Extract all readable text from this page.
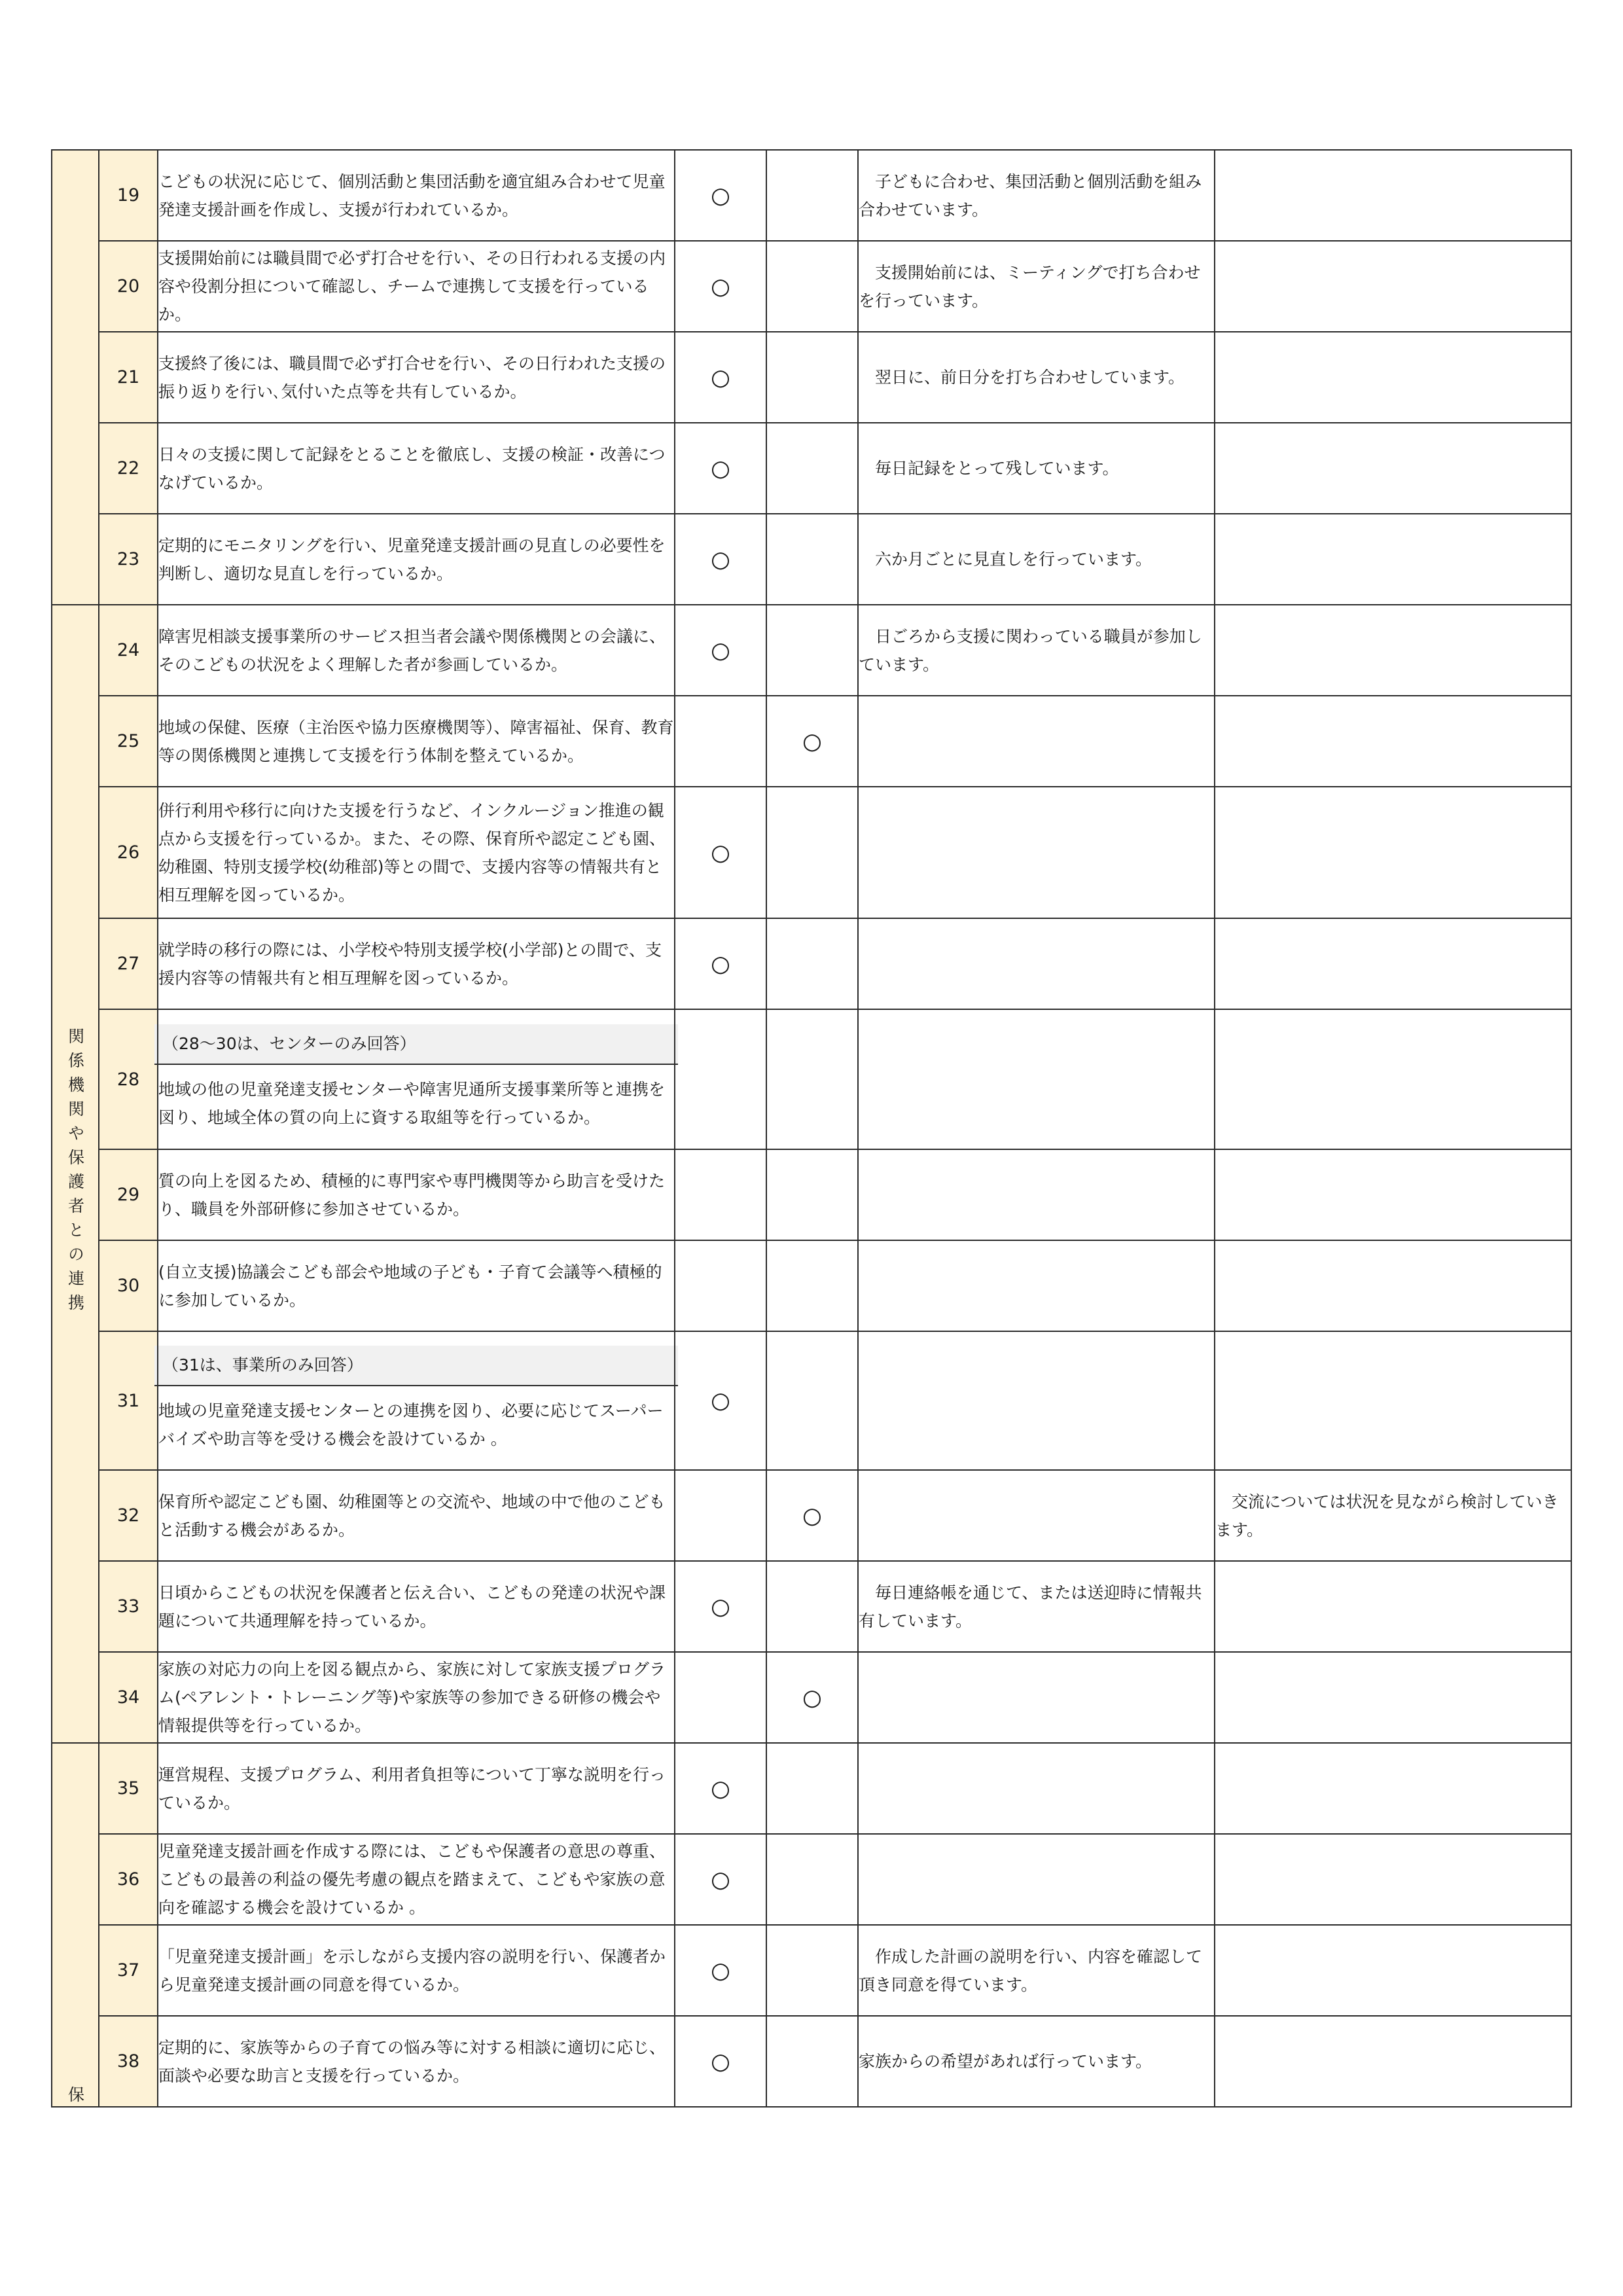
	19	こどもの状況に応じて、個別活動と集団活動を適宜組み合わせて児童発達支援計画を作成し、支援が行われているか。	○		　子どもに合わせ、集団活動と個別活動を組み合わせています。	
	20	支援開始前には職員間で必ず打合せを行い、その日行われる支援の内容や役割分担について確認し、チームで連携して支援を行っているか。	○		　支援開始前には、ミーティングで打ち合わせを行っています。	
	21	支援終了後には、職員間で必ず打合せを行い、その日行われた支援の振り返りを行い､気付いた点等を共有しているか。	○		　翌日に、前日分を打ち合わせしています。	
	22	日々の支援に関して記録をとることを徹底し、支援の検証・改善につなげているか。	○		　毎日記録をとって残しています。	
	23	定期的にモニタリングを行い、児童発達支援計画の見直しの必要性を判断し、適切な見直しを行っているか。	○		　六か月ごとに見直しを行っています。	
関係機関や保護者との連携	24	障害児相談支援事業所のサービス担当者会議や関係機関との会議に、そのこどもの状況をよく理解した者が参画しているか。	○		　日ごろから支援に関わっている職員が参加しています。	
	25	地域の保健、医療（主治医や協力医療機関等）、障害福祉、保育、教育等の関係機関と連携して支援を行う体制を整えているか。		○		
	26	併行利用や移行に向けた支援を行うなど、インクルージョン推進の観点から支援を行っているか。また、その際、保育所や認定こども園、幼稚園、特別支援学校(幼稚部)等との間で、支援内容等の情報共有と相互理解を図っているか。	○			
	27	就学時の移行の際には、小学校や特別支援学校(小学部)との間で、支援内容等の情報共有と相互理解を図っているか。	○			
	28	（28～30は、センターのみ回答）
地域の他の児童発達支援センターや障害児通所支援事業所等と連携を図り、地域全体の質の向上に資する取組等を行っているか。				

	29	質の向上を図るため、積極的に専門家や専門機関等から助言を受けたり、職員を外部研修に参加させているか。				

	30	(自立支援)協議会こども部会や地域の子ども・子育て会議等へ積極的に参加しているか。				

	31	（31は、事業所のみ回答）
地域の児童発達支援センターとの連携を図り、必要に応じてスーパーバイズや助言等を受ける機会を設けているか 。	○			
	32	保育所や認定こども園、幼稚園等との交流や、地域の中で他のこどもと活動する機会があるか。		○		　交流については状況を見ながら検討していきます。
	33	日頃からこどもの状況を保護者と伝え合い、こどもの発達の状況や課題について共通理解を持っているか。	○		　毎日連絡帳を通じて、または送迎時に情報共有しています。	
	34	家族の対応力の向上を図る観点から、家族に対して家族支援プログラム(ペアレント・トレーニング等)や家族等の参加できる研修の機会や情報提供等を行っているか。		○		
保	35	運営規程、支援プログラム、利用者負担等について丁寧な説明を行っているか。	○			
	36	児童発達支援計画を作成する際には、こどもや保護者の意思の尊重、こどもの最善の利益の優先考慮の観点を踏まえて、こどもや家族の意向を確認する機会を設けているか 。	○			
	37	「児童発達支援計画」を示しながら支援内容の説明を行い、保護者から児童発達支援計画の同意を得ているか。	○		　作成した計画の説明を行い、内容を確認して頂き同意を得ています。	
	38	定期的に、家族等からの子育ての悩み等に対する相談に適切に応じ、面談や必要な助言と支援を行っているか。	○		家族からの希望があれば行っています。	
